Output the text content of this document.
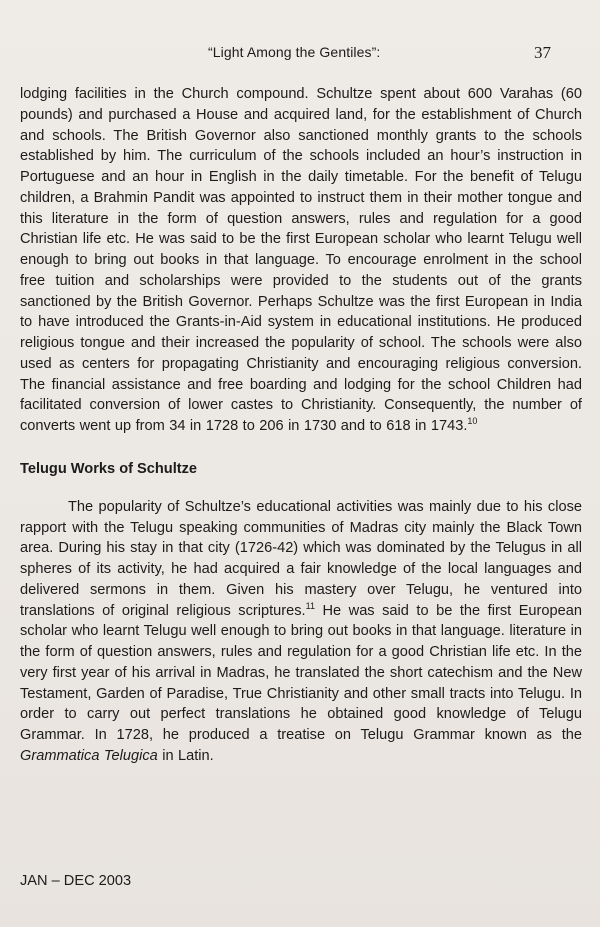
“Light Among the Gentiles”:	37

lodging facilities in the Church compound. Schultze spent about 600 Varahas (60 pounds) and purchased a House and acquired land, for the establishment of Church and schools. The British Governor also sanctioned monthly grants to the schools established by him. The curriculum of the schools included an hour’s instruction in Portuguese and an hour in English in the daily timetable. For the benefit of Telugu children, a Brahmin Pandit was appointed to instruct them in their mother tongue and this literature in the form of question answers, rules and regulation for a good Christian life etc. He was said to be the first European scholar who learnt Telugu well enough to bring out books in that language. To encourage enrolment in the school free tuition and scholarships were provided to the students out of the grants sanctioned by the British Governor. Perhaps Schultze was the first European in India to have introduced the Grants-in-Aid system in educational institutions. He produced religious tongue and their increased the popularity of school. The schools were also used as centers for propagating Christianity and encouraging religious conversion. The financial assistance and free boarding and lodging for the school Children had facilitated conversion of lower castes to Christianity. Consequently, the number of converts went up from 34 in 1728 to 206 in 1730 and to 618 in 1743.10

Telugu Works of Schultze

The popularity of Schultze’s educational activities was mainly due to his close rapport with the Telugu speaking communities of Madras city mainly the Black Town area. During his stay in that city (1726-42) which was dominated by the Telugus in all spheres of its activity, he had acquired a fair knowledge of the local languages and delivered sermons in them. Given his mastery over Telugu, he ventured into translations of original religious scriptures.$^{11}$ He was said to be the first European scholar who learnt Telugu well enough to bring out books in that language. literature in the form of question answers, rules and regulation for a good Christian life etc. In the very first year of his arrival in Madras, he translated the short catechism and the New Testament, Garden of Paradise, True Christianity and other small tracts into Telugu. In order to carry out perfect translations he obtained good knowledge of Telugu Grammar. In 1728, he produced a treatise on Telugu Grammar known as the Grammatica Telugica in Latin.

JAN – DEC 2003
